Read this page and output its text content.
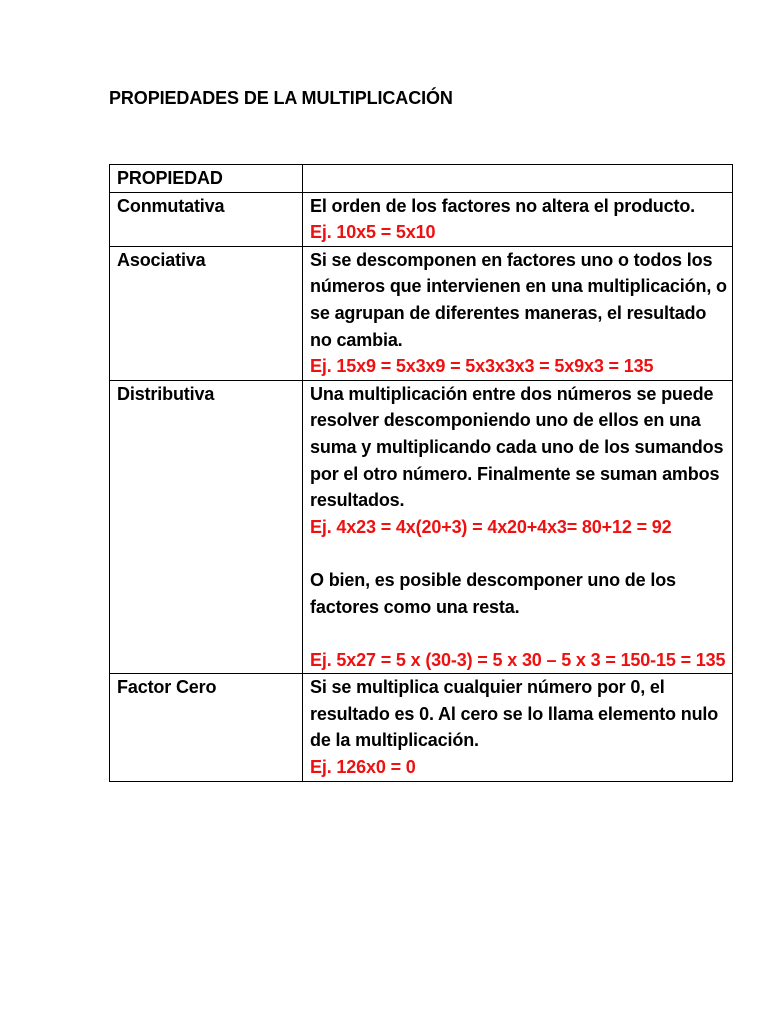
PROPIEDADES DE LA MULTIPLICACIÓN
PROPIEDAD	
Conmutativa	El orden de los factores no altera el producto.
Ej. 10x5 = 5x10

Asociativa	Si se descomponen en factores uno o todos los números que intervienen en una multiplicación, o se agrupan de diferentes maneras, el resultado no cambia.
Ej. 15x9 = 5x3x9 = 5x3x3x3 = 5x9x3 = 135

Distributiva	Una multiplicación entre dos números se puede resolver descomponiendo uno de ellos en una suma y multiplicando cada uno de los sumandos por el otro número. Finalmente se suman ambos resultados.
Ej. 4x23 = 4x(20+3) = 4x20+4x3= 80+12 = 92
O bien, es posible descomponer uno de los factores como una resta.
Ej. 5x27 = 5 x (30-3) = 5 x 30 – 5 x 3 = 150-15 = 135

Factor Cero	Si se multiplica cualquier número por 0, el resultado es 0. Al cero se lo llama elemento nulo de la multiplicación.
Ej. 126x0 = 0
